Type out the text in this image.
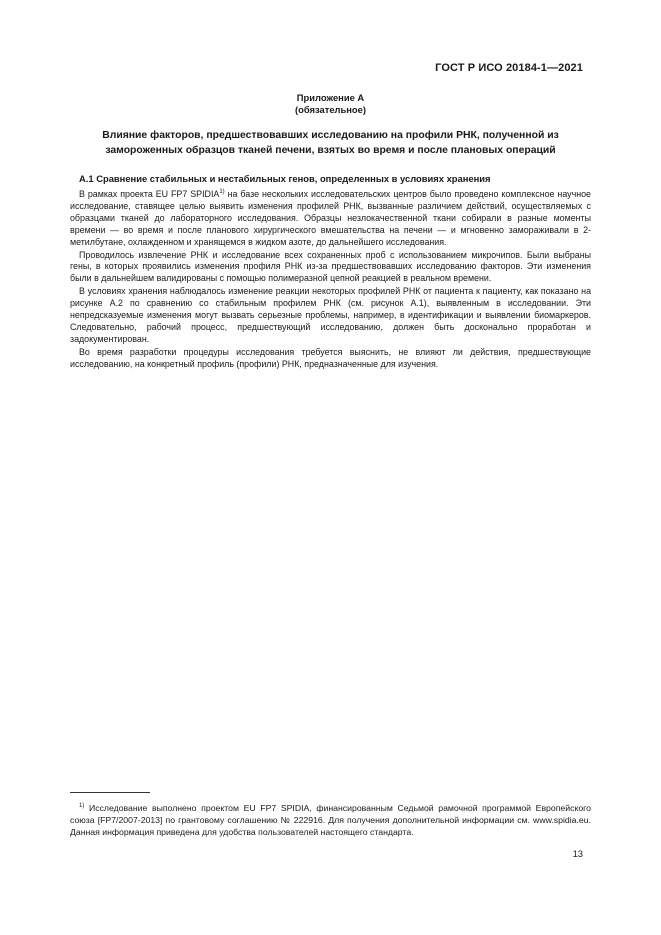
ГОСТ Р ИСО 20184-1—2021
Приложение А
(обязательное)
Влияние факторов, предшествовавших исследованию на профили РНК, полученной из замороженных образцов тканей печени, взятых во время и после плановых операций
А.1 Сравнение стабильных и нестабильных генов, определенных в условиях хранения

В рамках проекта EU FP7 SPIDIA$^{1)}$ на базе нескольких исследовательских центров было проведено комплексное научное исследование, ставящее целью выявить изменения профилей РНК, вызванные различием действий, осуществляемых с образцами тканей до лабораторного исследования. Образцы незлокачественной ткани собирали в разные моменты времени — во время и после планового хирургического вмешательства на печени — и мгновенно замораживали в 2-метилбутане, охлажденном и хранящемся в жидком азоте, до дальнейшего исследования.

Проводилось извлечение РНК и исследование всех сохраненных проб с использованием микрочипов. Были выбраны гены, в которых проявились изменения профиля РНК из-за предшествовавших исследованию факторов. Эти изменения были в дальнейшем валидированы с помощью полимеразной цепной реакцией в реальном времени.

В условиях хранения наблюдалось изменение реакции некоторых профилей РНК от пациента к пациенту, как показано на рисунке А.2 по сравнению со стабильным профилем РНК (см. рисунок А.1), выявленным в исследовании. Эти непредсказуемые изменения могут вызвать серьезные проблемы, например, в идентификации и выявлении биомаркеров. Следовательно, рабочий процесс, предшествующий исследованию, должен быть досконально проработан и задокументирован.

Во время разработки процедуры исследования требуется выяснить, не влияют ли действия, предшествующие исследованию, на конкретный профиль (профили) РНК, предназначенные для изучения.

$^{1)}$ Исследование выполнено проектом EU FP7 SPIDIA, финансированным Седьмой рамочной программой Европейского союза [FP7/2007-2013] по грантовому соглашению № 222916. Для получения дополнительной информации см. www.spidia.eu. Данная информация приведена для удобства пользователей настоящего стандарта.
13
